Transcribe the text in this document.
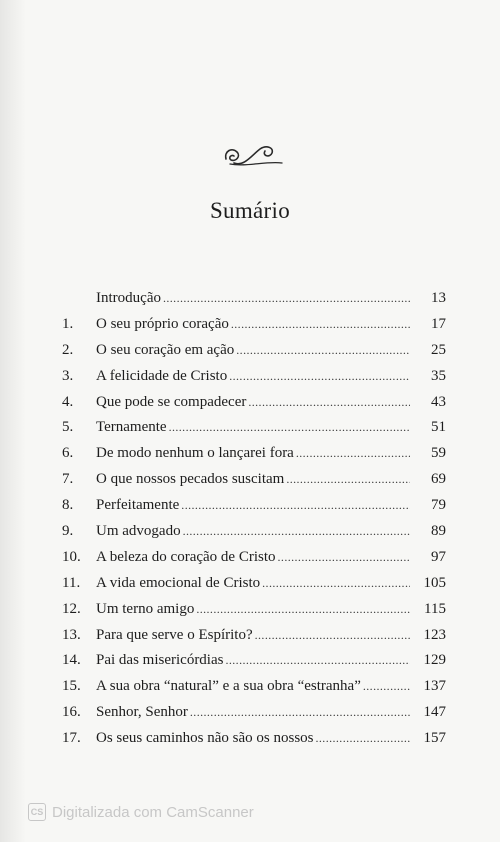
Sumário
Introdução .....	13
1.	O seu próprio coração .....	17
2.	O seu coração em ação .....	25
3.	A felicidade de Cristo .....	35
4.	Que pode se compadecer .....	43
5.	Ternamente .....	51
6.	De modo nenhum o lançarei fora .....	59
7.	O que nossos pecados suscitam .....	69
8.	Perfeitamente .....	79
9.	Um advogado .....	89
10.	A beleza do coração de Cristo .....	97
11.	A vida emocional de Cristo .....	105
12.	Um terno amigo .....	115
13.	Para que serve o Espírito? .....	123
14.	Pai das misericórdias .....	129
15.	A sua obra “natural” e a sua obra “estranha” .....	137
16.	Senhor, Senhor .....	147
17.	Os seus caminhos não são os nossos .....	157
CS Digitalizada com CamScanner
